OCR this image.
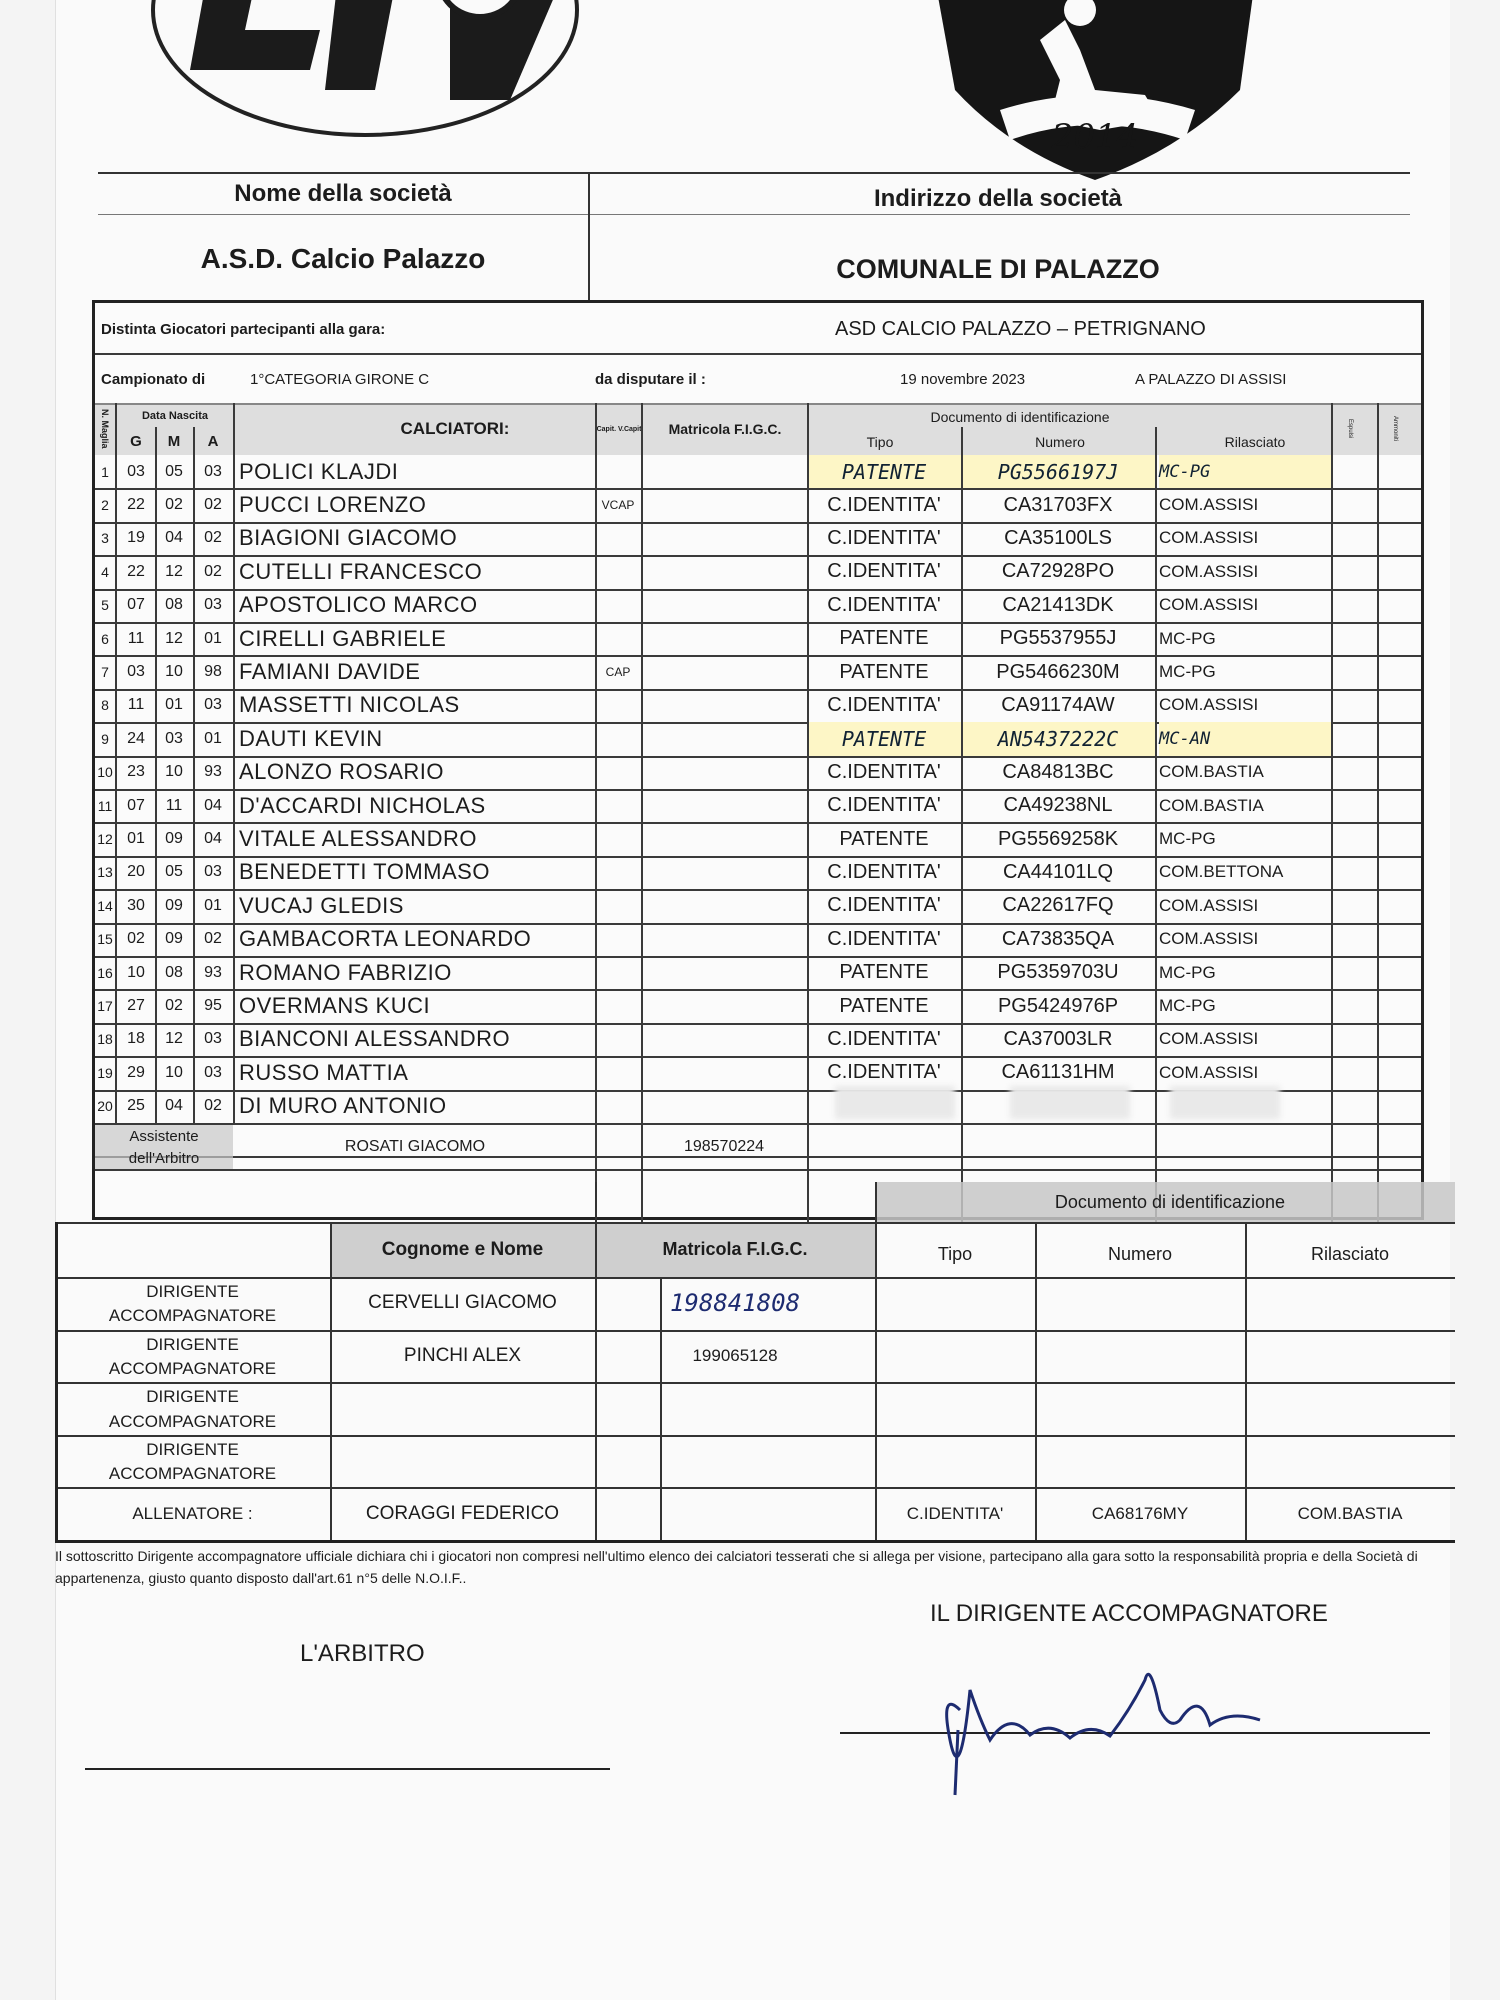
★
★
★
★
2014
Nome della società
A.S.D. Calcio Palazzo
Indirizzo della società
COMUNALE DI PALAZZO
Distinta Giocatori partecipanti alla gara:	ASD CALCIO PALAZZO – PETRIGNANO
Campionato di	1°CATEGORIA GIRONE C	da disputare il :	19 novembre 2023	A PALAZZO DI ASSISI
N. Maglia	Data Nascita
G	M	A
CALCIATORI:	Capit. V.Capit.	Matricola F.I.G.C.
Documento di identificazione
Tipo	Numero	Rilasciato
Espulsi	Ammoniti
1	03	05	03 POLICI KLAJDI	PATENTE	PG5566197J	MC-PG
2	22	02	02 PUCCI LORENZO	VCAP	C.IDENTITA'	CA31703FX	COM.ASSISI
3	19	04	02 BIAGIONI GIACOMO	C.IDENTITA'	CA35100LS	COM.ASSISI
4	22	12	02 CUTELLI FRANCESCO	C.IDENTITA'	CA72928PO	COM.ASSISI
5	07	08	03 APOSTOLICO MARCO	C.IDENTITA'	CA21413DK	COM.ASSISI
6	11	12	01 CIRELLI GABRIELE	PATENTE	PG5537955J	MC-PG
7	03	10	98 FAMIANI DAVIDE	CAP	PATENTE	PG5466230M	MC-PG
8	11	01	03 MASSETTI NICOLAS	C.IDENTITA'	CA91174AW	COM.ASSISI
9	24	03	01 DAUTI KEVIN	PATENTE	AN5437222C	MC-AN
10 23	10	93 ALONZO ROSARIO	C.IDENTITA'	CA84813BC	COM.BASTIA
11 07	11	04 D'ACCARDI NICHOLAS	C.IDENTITA'	CA49238NL	COM.BASTIA
12 01	09	04 VITALE ALESSANDRO	PATENTE	PG5569258K	MC-PG
13 20	05	03 BENEDETTI TOMMASO	C.IDENTITA'	CA44101LQ	COM.BETTONA
14 30	09	01 VUCAJ GLEDIS	C.IDENTITA'	CA22617FQ	COM.ASSISI
15 02	09	02 GAMBACORTA LEONARDO	C.IDENTITA'	CA73835QA	COM.ASSISI
16 10	08	93 ROMANO FABRIZIO	PATENTE	PG5359703U	MC-PG
17 27	02	95 OVERMANS KUCI	PATENTE	PG5424976P	MC-PG
18 18	12	03 BIANCONI ALESSANDRO	C.IDENTITA'	CA37003LR	COM.ASSISI
19 29	10	03 RUSSO MATTIA	C.IDENTITA'	CA61131HM	COM.ASSISI
20 25	04	02 DI MURO ANTONIO
Assistente
dell'Arbitro
ROSATI GIACOMO	198570224
Cognome e Nome	Matricola F.I.G.C.
Documento di identificazione
Tipo	Numero	Rilasciato
DIRIGENTE
ACCOMPAGNATORE
CERVELLI GIACOMO	198841808
DIRIGENTE
ACCOMPAGNATORE
PINCHI ALEX	199065128
DIRIGENTE
ACCOMPAGNATORE
DIRIGENTE
ACCOMPAGNATORE
ALLENATORE :	CORAGGI FEDERICO	C.IDENTITA'	CA68176MY	COM.BASTIA
Il sottoscritto Dirigente accompagnatore ufficiale dichiara chi i giocatori non compresi nell'ultimo elenco dei calciatori tesserati che si allega per visione, partecipano alla gara sotto la responsabilità propria e della Società di
appartenenza, giusto quanto disposto dall'art.61 n°5 delle N.O.I.F..
L'ARBITRO
IL DIRIGENTE ACCOMPAGNATORE
